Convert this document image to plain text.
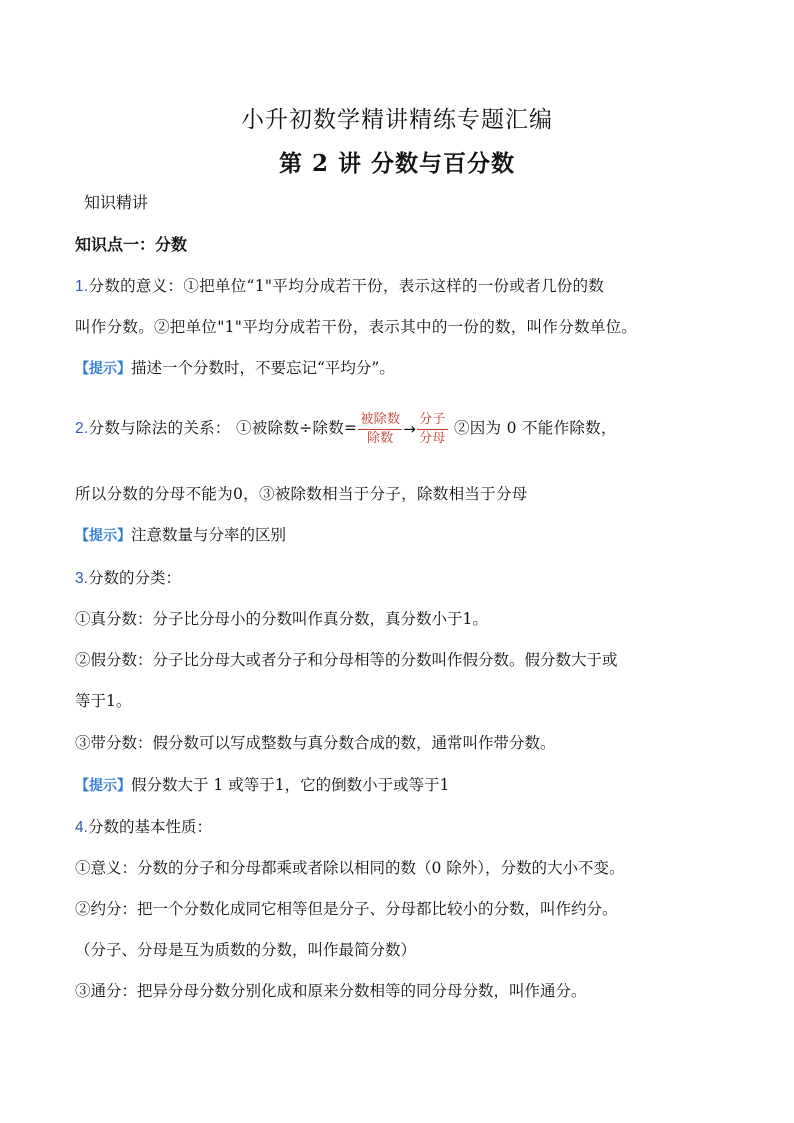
小升初数学精讲精练专题汇编
第 2 讲 分数与百分数
知识精讲
知识点一：分数
1.分数的意义：①把单位“1"平均分成若干份，表示这样的一份或者几份的数
叫作分数。②把单位"1"平均分成若干份，表示其中的一份的数，叫作分数单位。
【提示】描述一个分数时，不要忘记“平均分”。
2.分数与除法的关系： ①被除数÷除数= $\frac{\text{被除数}}{\text{除数}} \to \frac{\text{分子}}{\text{分母}}$ ②因为 0 不能作除数，
所以分数的分母不能为0，③被除数相当于分子，除数相当于分母
【提示】注意数量与分率的区别
3.分数的分类：
①真分数：分子比分母小的分数叫作真分数，真分数小于1。
②假分数：分子比分母大或者分子和分母相等的分数叫作假分数。假分数大于或
等于1。
③带分数：假分数可以写成整数与真分数合成的数，通常叫作带分数。
【提示】假分数大于 1 或等于1，它的倒数小于或等于1
4.分数的基本性质：
①意义：分数的分子和分母都乘或者除以相同的数（0 除外），分数的大小不变。
②约分：把一个分数化成同它相等但是分子、分母都比较小的分数，叫作约分。
（分子、分母是互为质数的分数，叫作最简分数）
③通分：把异分母分数分别化成和原来分数相等的同分母分数，叫作通分。
